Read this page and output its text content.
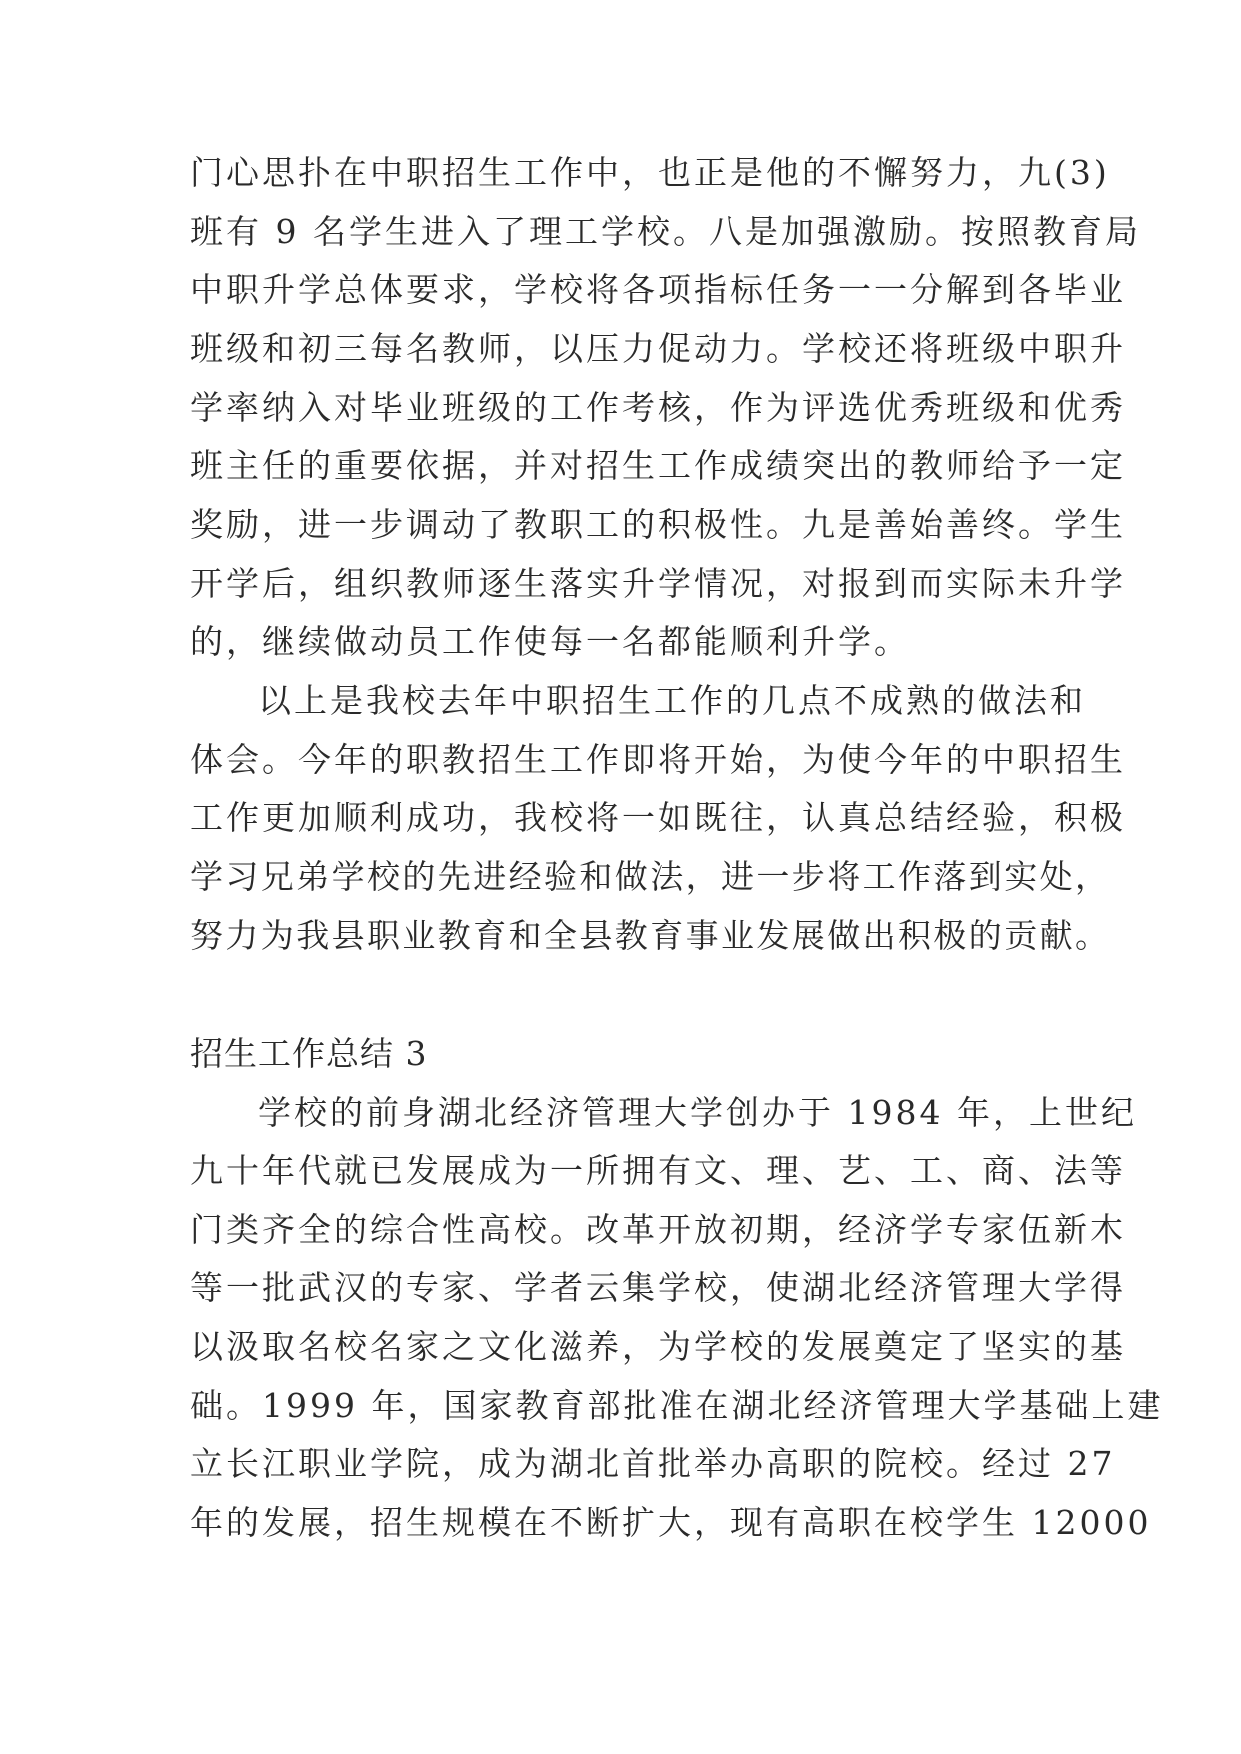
门心思扑在中职招生工作中，也正是他的不懈努力，九(3)
班有 9 名学生进入了理工学校。八是加强激励。按照教育局
中职升学总体要求，学校将各项指标任务一一分解到各毕业
班级和初三每名教师，以压力促动力。学校还将班级中职升
学率纳入对毕业班级的工作考核，作为评选优秀班级和优秀
班主任的重要依据，并对招生工作成绩突出的教师给予一定
奖励，进一步调动了教职工的积极性。九是善始善终。学生
开学后，组织教师逐生落实升学情况，对报到而实际未升学
的，继续做动员工作使每一名都能顺利升学。
以上是我校去年中职招生工作的几点不成熟的做法和
体会。今年的职教招生工作即将开始，为使今年的中职招生
工作更加顺利成功，我校将一如既往，认真总结经验，积极
学习兄弟学校的先进经验和做法，进一步将工作落到实处，
努力为我县职业教育和全县教育事业发展做出积极的贡献。
招生工作总结 3
学校的前身湖北经济管理大学创办于 1984 年，上世纪
九十年代就已发展成为一所拥有文、理、艺、工、商、法等
门类齐全的综合性高校。改革开放初期，经济学专家伍新木
等一批武汉的专家、学者云集学校，使湖北经济管理大学得
以汲取名校名家之文化滋养，为学校的发展奠定了坚实的基
础。1999 年，国家教育部批准在湖北经济管理大学基础上建
立长江职业学院，成为湖北首批举办高职的院校。经过 27
年的发展，招生规模在不断扩大，现有高职在校学生 12000
